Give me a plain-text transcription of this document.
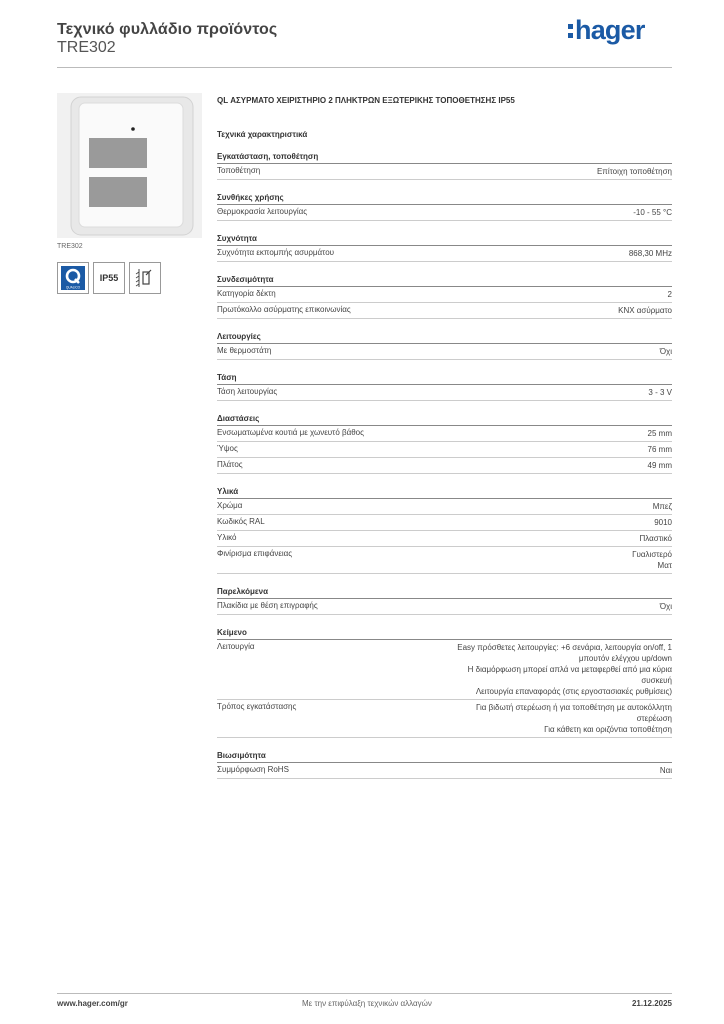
Τεχνικό φυλλάδιο προϊόντος
TRE302
hager
TRE302
QUALICO
IP55
QL ΑΣΥΡΜΑΤΟ ΧΕΙΡΙΣΤΗΡΙΟ 2 ΠΛΗΚΤΡΩΝ ΕΞΩΤΕΡΙΚΗΣ ΤΟΠΟΘΕΤΗΣΗΣ IP55
Τεχνικά χαρακτηριστικά
Εγκατάσταση, τοποθέτηση
Τοποθέτηση	Επίτοιχη τοποθέτηση
Συνθήκες χρήσης
Θερμοκρασία λειτουργίας	-10 - 55 °C
Συχνότητα
Συχνότητα εκπομπής ασυρμάτου	868,30 MHz
Συνδεσιμότητα
Κατηγορία δέκτη	2
Πρωτόκολλο ασύρματης επικοινωνίας	KNX ασύρματο
Λειτουργίες
Με θερμοστάτη	Όχι
Τάση
Τάση λειτουργίας	3 - 3 V
Διαστάσεις
Ενσωματωμένα κουτιά με χωνευτό βάθος	25 mm
Ύψος	76 mm
Πλάτος	49 mm
Υλικά
Χρώμα	Μπεζ
Κωδικός RAL	9010
Υλικό	Πλαστικό
Φινίρισμα επιφάνειας	Γυαλιστερό
Ματ
Παρελκόμενα
Πλακίδια με θέση επιγραφής	Όχι
Κείμενο
Λειτουργία	Easy πρόσθετες λειτουργίες: +6 σενάρια, λειτουργία on/off, 1
μπουτόν ελέγχου up/down
Η διαμόρφωση μπορεί απλά να μεταφερθεί από μια κύρια
συσκευή
Λειτουργία επαναφοράς (στις εργοστασιακές ρυθμίσεις)
Τρόπος εγκατάστασης	Για βιδωτή στερέωση ή για τοποθέτηση με αυτοκόλλητη
στερέωση
Για κάθετη και οριζόντια τοποθέτηση
Βιωσιμότητα
Συμμόρφωση RoHS	Ναι
www.hager.com/gr	Με την επιφύλαξη τεχνικών αλλαγών	21.12.2025
